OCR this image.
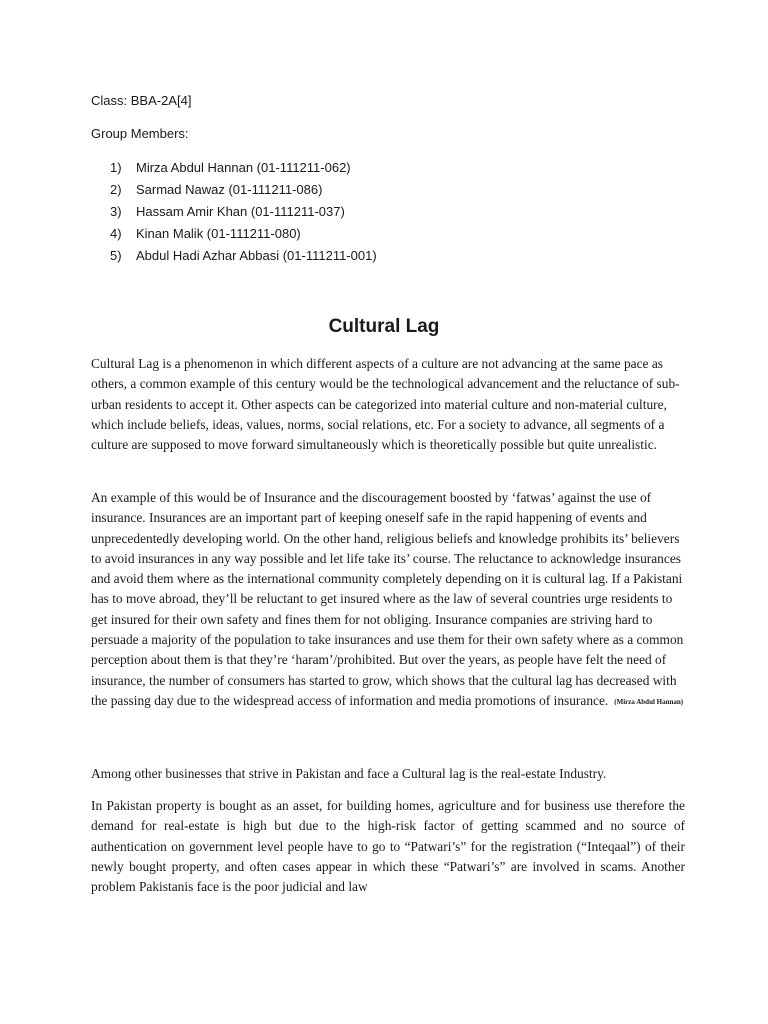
Class: BBA-2A[4]

Group Members:

1) Mirza Abdul Hannan (01-111211-062)
2) Sarmad Nawaz (01-111211-086)
3) Hassam Amir Khan (01-111211-037)
4) Kinan Malik (01-111211-080)
5) Abdul Hadi Azhar Abbasi (01-111211-001)
Cultural Lag

Cultural Lag is a phenomenon in which different aspects of a culture are not advancing at the same pace as others, a common example of this century would be the technological advancement and the reluctance of sub-urban residents to accept it. Other aspects can be categorized into material culture and non-material culture, which include beliefs, ideas, values, norms, social relations, etc. For a society to advance, all segments of a culture are supposed to move forward simultaneously which is theoretically possible but quite unrealistic.

An example of this would be of Insurance and the discouragement boosted by ‘fatwas’ against the use of insurance. Insurances are an important part of keeping oneself safe in the rapid happening of events and unprecedentedly developing world. On the other hand, religious beliefs and knowledge prohibits its’ believers to avoid insurances in any way possible and let life take its’ course. The reluctance to acknowledge insurances and avoid them where as the international community completely depending on it is cultural lag. If a Pakistani has to move abroad, they’ll be reluctant to get insured where as the law of several countries urge residents to get insured for their own safety and fines them for not obliging. Insurance companies are striving hard to persuade a majority of the population to take insurances and use them for their own safety where as a common perception about them is that they’re ‘haram’/prohibited. But over the years, as people have felt the need of insurance, the number of consumers has started to grow, which shows that the cultural lag has decreased with the passing day due to the widespread access of information and media promotions of insurance. (Mirza Abdul Hannan)

Among other businesses that strive in Pakistan and face a Cultural lag is the real-estate Industry.

In Pakistan property is bought as an asset, for building homes, agriculture and for business use therefore the demand for real-estate is high but due to the high-risk factor of getting scammed and no source of authentication on government level people have to go to “Patwari’s” for the registration (“Inteqaal”) of their newly bought property, and often cases appear in which these “Patwari’s” are involved in scams. Another problem Pakistanis face is the poor judicial and law
